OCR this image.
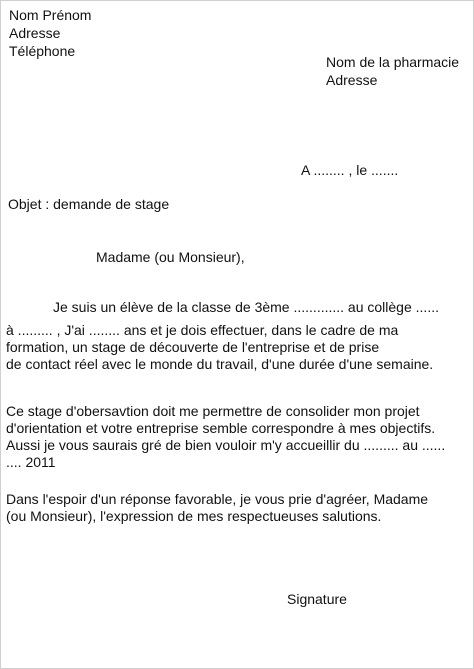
Nom Prénom

Adresse

Téléphone

Nom de la pharmacie

Adresse

A ........ , le .......

Objet : demande de stage

Madame (ou Monsieur),

Je suis un élève de la classe de 3ème ............. au collège ......

à ......... , J'ai ........ ans et je dois effectuer, dans le cadre de ma

formation, un stage de découverte de l'entreprise et de prise

de contact réel avec le monde du travail, d'une durée d'une semaine.

Ce stage d'obersavtion doit me permettre de consolider mon projet

d'orientation et votre entreprise semble correspondre à mes objectifs.

Aussi je vous saurais gré de bien vouloir m'y accueillir du ......... au ......

.... 2011

Dans l'espoir d'un réponse favorable, je vous prie d'agréer, Madame

(ou Monsieur), l'expression de mes respectueuses salutions.

Signature
